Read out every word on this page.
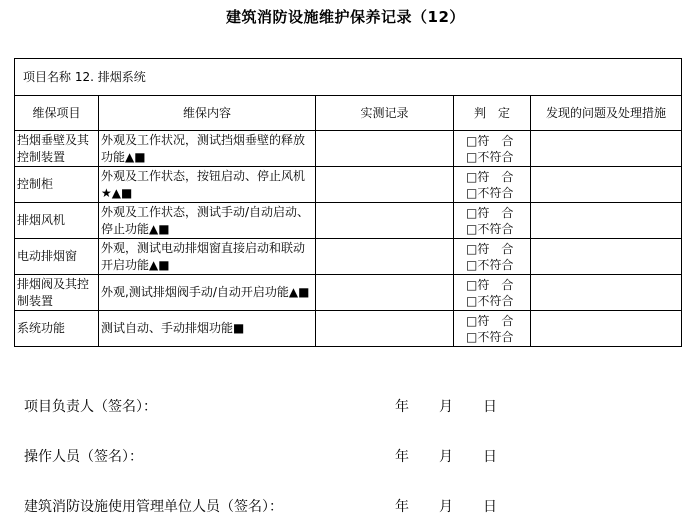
建筑消防设施维护保养记录（12）
项目名称 12. 排烟系统				
维保项目	维保内容	实测记录	判　定	发现的问题及处理措施
挡烟垂壁及其控制装置	外观及工作状况，测试挡烟垂壁的释放功能▲■		□符　合
□不符合	

控制柜	外观及工作状态，按钮启动、停止风机★▲■		□符　合
□不符合	

排烟风机	外观及工作状态，测试手动/自动启动、停止功能▲■		□符　合
□不符合	

电动排烟窗	外观，测试电动排烟窗直接启动和联动开启功能▲■		□符　合
□不符合	

排烟阀及其控制装置	外观,测试排烟阀手动/自动开启功能▲■		□符　合
□不符合	

系统功能	测试自动、手动排烟功能■		□符　合
□不符合	

项目负责人（签名）：	年 月 日
操作人员（签名）：	年 月 日
建筑消防设施使用管理单位人员（签名）：	年 月 日
